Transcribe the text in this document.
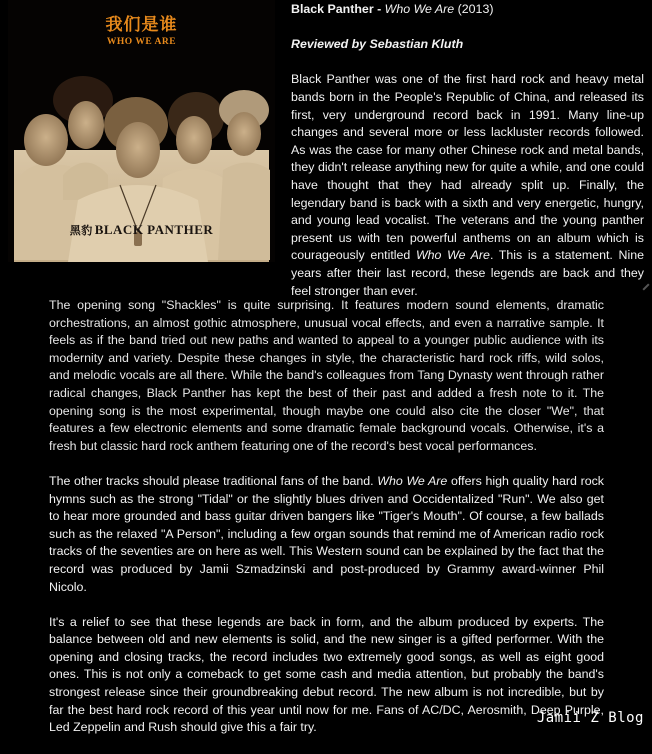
我们是谁
WHO WE ARE
黑豹 BLACK PANTHER
Black Panther - Who We Are (2013)
Reviewed by Sebastian Kluth

Black Panther was one of the first hard rock and heavy metal bands born in the People's Republic of China, and released its first, very underground record back in 1991. Many line-up changes and several more or less lackluster records followed. As was the case for many other Chinese rock and metal bands, they didn't release anything new for quite a while, and one could have thought that they had already split up. Finally, the legendary band is back with a sixth and very energetic, hungry, and young lead vocalist. The veterans and the young panther present us with ten powerful anthems on an album which is courageously entitled Who We Are. This is a statement. Nine years after their last record, these legends are back and they feel stronger than ever.

The opening song "Shackles" is quite surprising. It features modern sound elements, dramatic orchestrations, an almost gothic atmosphere, unusual vocal effects, and even a narrative sample. It feels as if the band tried out new paths and wanted to appeal to a younger public audience with its modernity and variety. Despite these changes in style, the characteristic hard rock riffs, wild solos, and melodic vocals are all there. While the band's colleagues from Tang Dynasty went through rather radical changes, Black Panther has kept the best of their past and added a fresh note to it. The opening song is the most experimental, though maybe one could also cite the closer "We", that features a few electronic elements and some dramatic female background vocals. Otherwise, it's a fresh but classic hard rock anthem featuring one of the record's best vocal performances.

The other tracks should please traditional fans of the band. Who We Are offers high quality hard rock hymns such as the strong "Tidal" or the slightly blues driven and Occidentalized "Run". We also get to hear more grounded and bass guitar driven bangers like "Tiger's Mouth". Of course, a few ballads such as the relaxed "A Person", including a few organ sounds that remind me of American radio rock tracks of the seventies are on here as well. This Western sound can be explained by the fact that the record was produced by Jamii Szmadzinski and post-produced by Grammy award-winner Phil Nicolo.

It's a relief to see that these legends are back in form, and the album produced by experts. The balance between old and new elements is solid, and the new singer is a gifted performer. With the opening and closing tracks, the record includes two extremely good songs, as well as eight good ones. This is not only a comeback to get some cash and media attention, but probably the band's strongest release since their groundbreaking debut record. The new album is not incredible, but by far the best hard rock record of this year until now for me. Fans of AC/DC, Aerosmith, Deep Purple, Led Zeppelin and Rush should give this a fair try.

Jamii Z Blog
